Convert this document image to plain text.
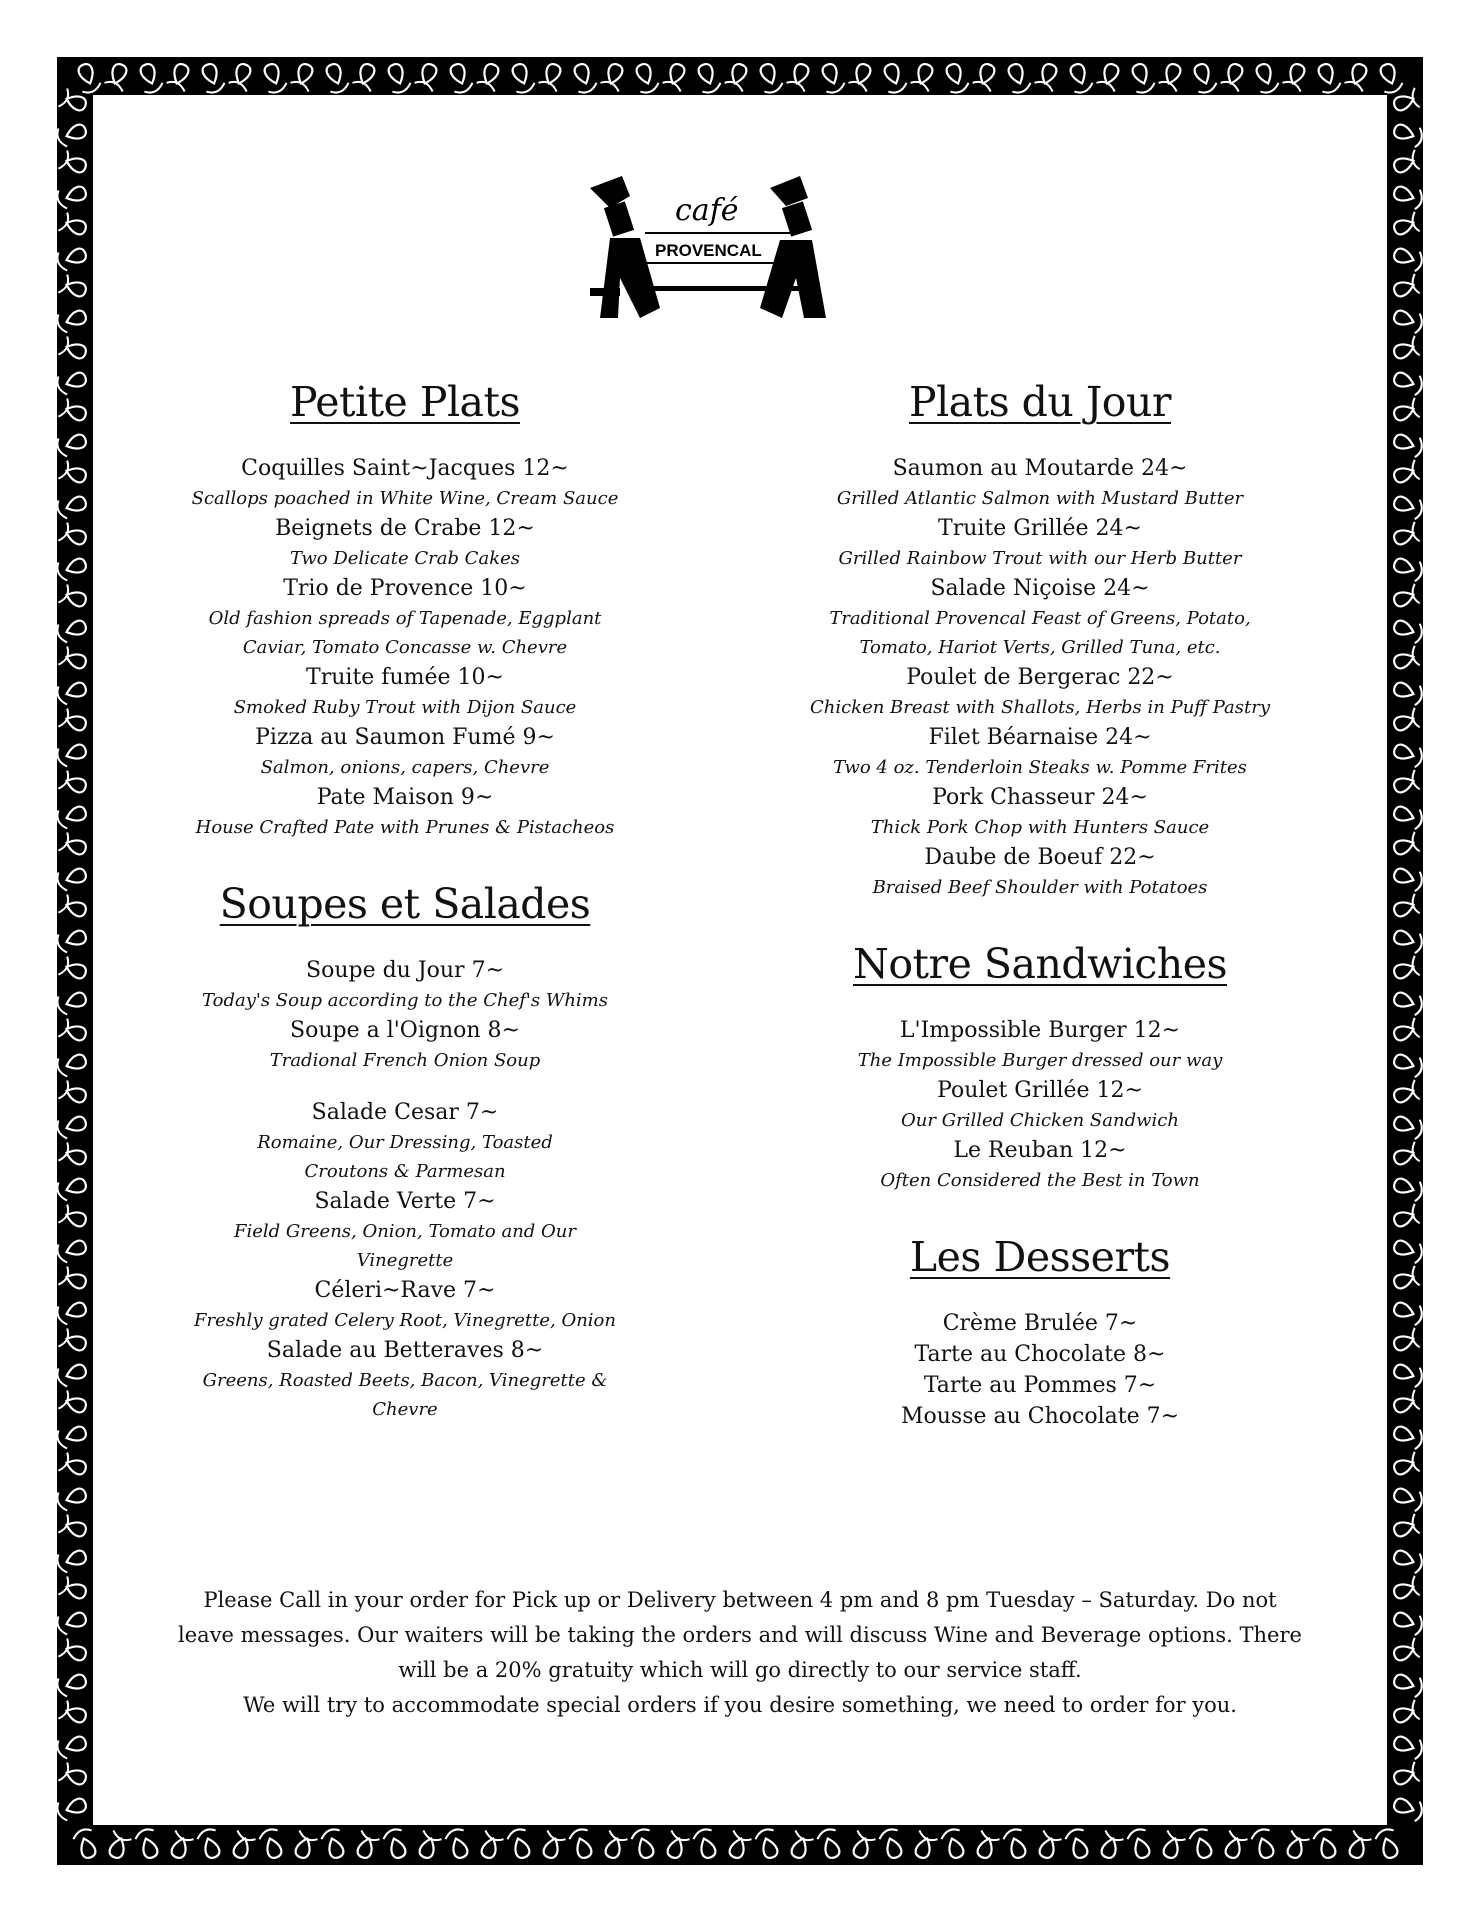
café
PROVENCAL
Petite Plats
Coquilles Saint~Jacques 12~
Scallops poached in White Wine, Cream Sauce
Beignets de Crabe 12~
Two Delicate Crab Cakes
Trio de Provence 10~
Old fashion spreads of Tapenade, Eggplant
Caviar, Tomato Concasse w. Chevre
Truite fumée 10~
Smoked Ruby Trout with Dijon Sauce
Pizza au Saumon Fumé 9~
Salmon, onions, capers, Chevre
Pate Maison 9~
House Crafted Pate with Prunes & Pistacheos
Soupes et Salades
Soupe du Jour 7~
Today's Soup according to the Chef's Whims
Soupe a l'Oignon 8~
Tradional French Onion Soup
Salade Cesar 7~
Romaine, Our Dressing, Toasted
Croutons & Parmesan
Salade Verte 7~
Field Greens, Onion, Tomato and Our
Vinegrette
Céleri~Rave 7~
Freshly grated Celery Root, Vinegrette, Onion
Salade au Betteraves 8~
Greens, Roasted Beets, Bacon, Vinegrette &
Chevre
Plats du Jour
Saumon au Moutarde 24~
Grilled Atlantic Salmon with Mustard Butter
Truite Grillée 24~
Grilled Rainbow Trout with our Herb Butter
Salade Niçoise 24~
Traditional Provencal Feast of Greens, Potato,
Tomato, Hariot Verts, Grilled Tuna, etc.
Poulet de Bergerac 22~
Chicken Breast with Shallots, Herbs in Puff Pastry
Filet Béarnaise 24~
Two 4 oz. Tenderloin Steaks w. Pomme Frites
Pork Chasseur 24~
Thick Pork Chop with Hunters Sauce
Daube de Boeuf 22~
Braised Beef Shoulder with Potatoes
Notre Sandwiches
L'Impossible Burger 12~
The Impossible Burger dressed our way
Poulet Grillée 12~
Our Grilled Chicken Sandwich
Le Reuban 12~
Often Considered the Best in Town
Les Desserts
Crème Brulée 7~
Tarte au Chocolate 8~
Tarte au Pommes 7~
Mousse au Chocolate 7~
Please Call in your order for Pick up or Delivery between 4 pm and 8 pm Tuesday – Saturday. Do not
leave messages. Our waiters will be taking the orders and will discuss Wine and Beverage options. There
will be a 20% gratuity which will go directly to our service staff.
We will try to accommodate special orders if you desire something, we need to order for you.
